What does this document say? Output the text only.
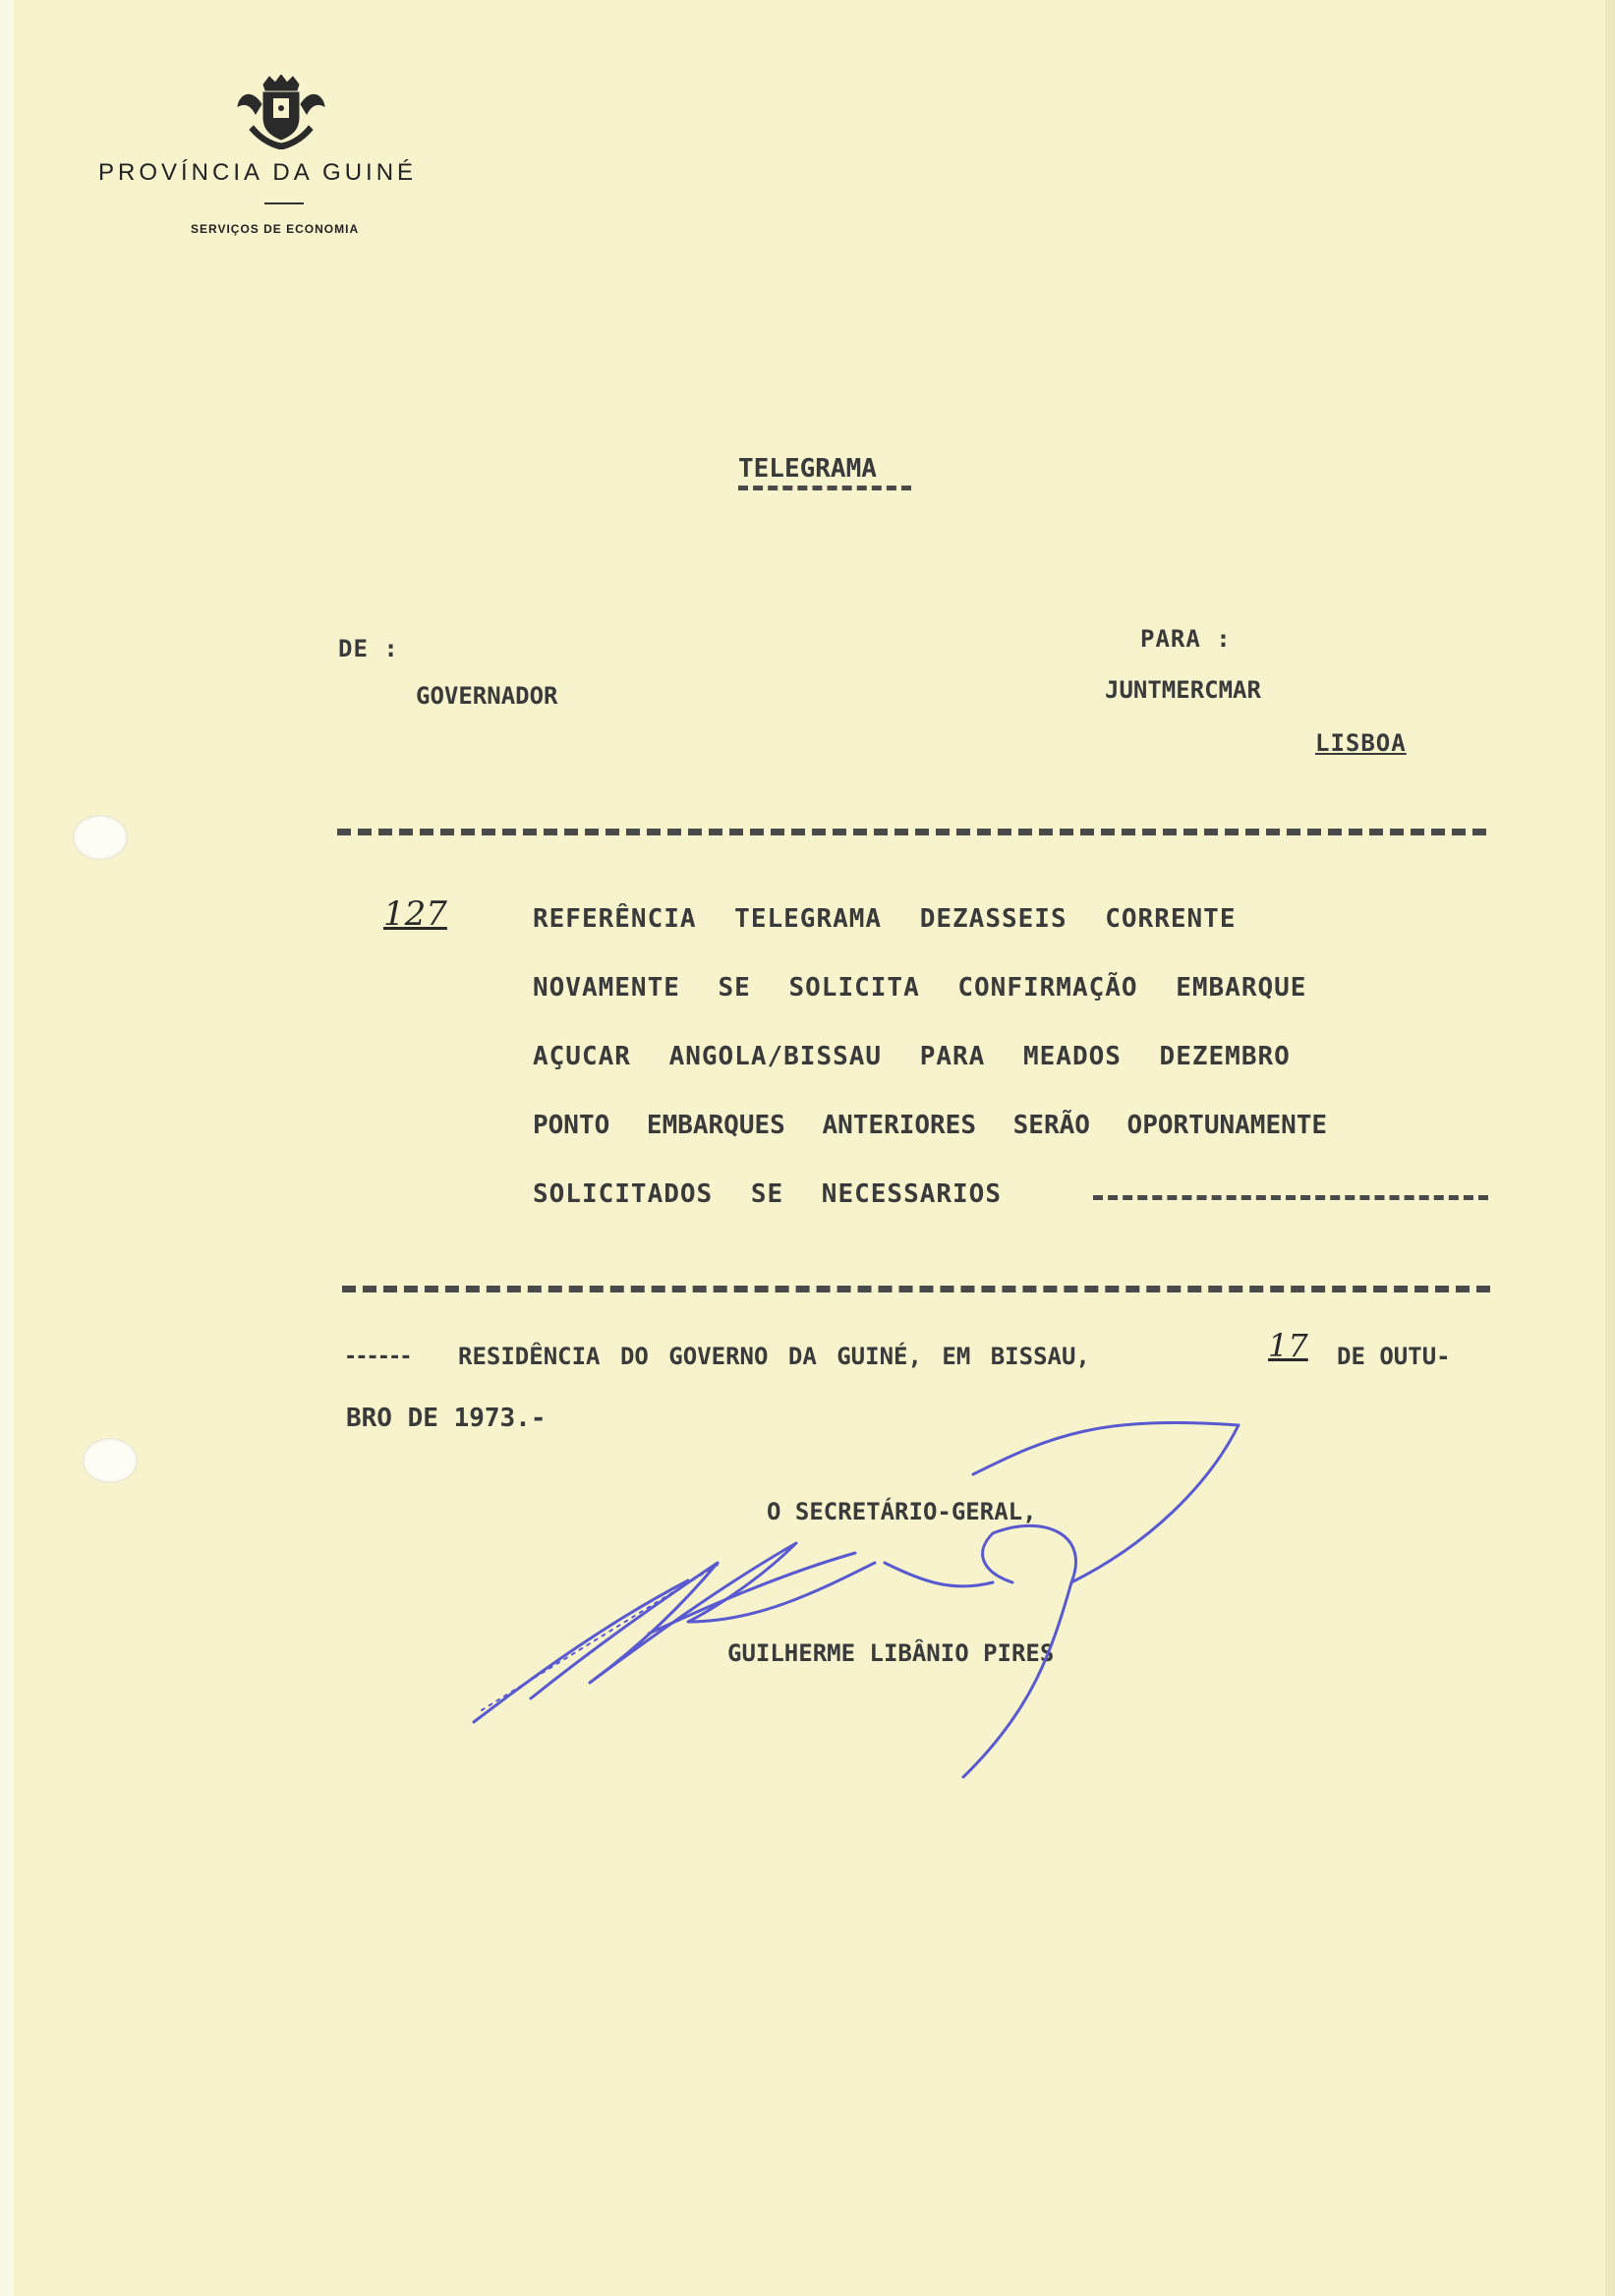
PROVÍNCIA DA GUINÉ
SERVIÇOS DE ECONOMIA
TELEGRAMA
DE :
GOVERNADOR
PARA :
JUNTMERCMAR
LISBOA
127	REFERÊNCIA TELEGRAMA DEZASSEIS CORRENTE
NOVAMENTE SE SOLICITA CONFIRMAÇÃO EMBARQUE
AÇUCAR ANGOLA/BISSAU PARA MEADOS DEZEMBRO
PONTO EMBARQUES ANTERIORES SERÃO OPORTUNAMENTE
SOLICITADOS SE NECESSARIOS
------ RESIDÊNCIA DO GOVERNO DA GUINÉ, EM BISSAU,	17 DE OUTU-
BRO DE 1973.-
O SECRETÁRIO-GERAL,
GUILHERME LIBÂNIO PIRES
